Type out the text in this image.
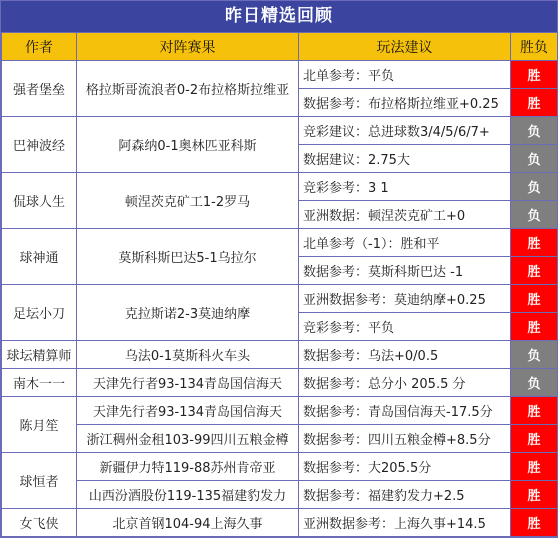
昨日精选回顾
作者	对阵赛果	玩法建议	胜负
强者堡垒	格拉斯哥流浪者0-2布拉格斯拉维亚	北单参考：平负	胜
		数据参考：布拉格斯拉维亚+0.25	胜
巴神波经	阿森纳0-1奥林匹亚科斯	竞彩建议：总进球数3/4/5/6/7+	负
		数据建议：2.75大	负
侃球人生	顿涅茨克矿工1-2罗马	竞彩参考：3 1	负
		亚洲数据：顿涅茨克矿工+0	负
球神通	莫斯科斯巴达5-1乌拉尔	北单参考（-1）：胜和平	胜
		数据参考：莫斯科斯巴达 -1	胜
足坛小刀	克拉斯诺2-3莫迪纳摩	亚洲数据参考：莫迪纳摩+0.25	胜
		竞彩参考：平负	胜
球坛精算师	乌法0-1莫斯科火车头	数据参考：乌法+0/0.5	负
南木一一	天津先行者93-134青岛国信海天	数据参考：总分小 205.5 分	负
陈月笙	天津先行者93-134青岛国信海天	数据参考：青岛国信海天-17.5分	胜
	浙江稠州金租103-99四川五粮金樽	数据参考：四川五粮金樽+8.5分	胜
球恒者	新疆伊力特119-88苏州肯帝亚	数据参考：大205.5分	胜
	山西汾酒股份119-135福建豹发力	数据参考：福建豹发力+2.5	胜
女飞侠	北京首钢104-94上海久事	亚洲数据参考：上海久事+14.5	胜
